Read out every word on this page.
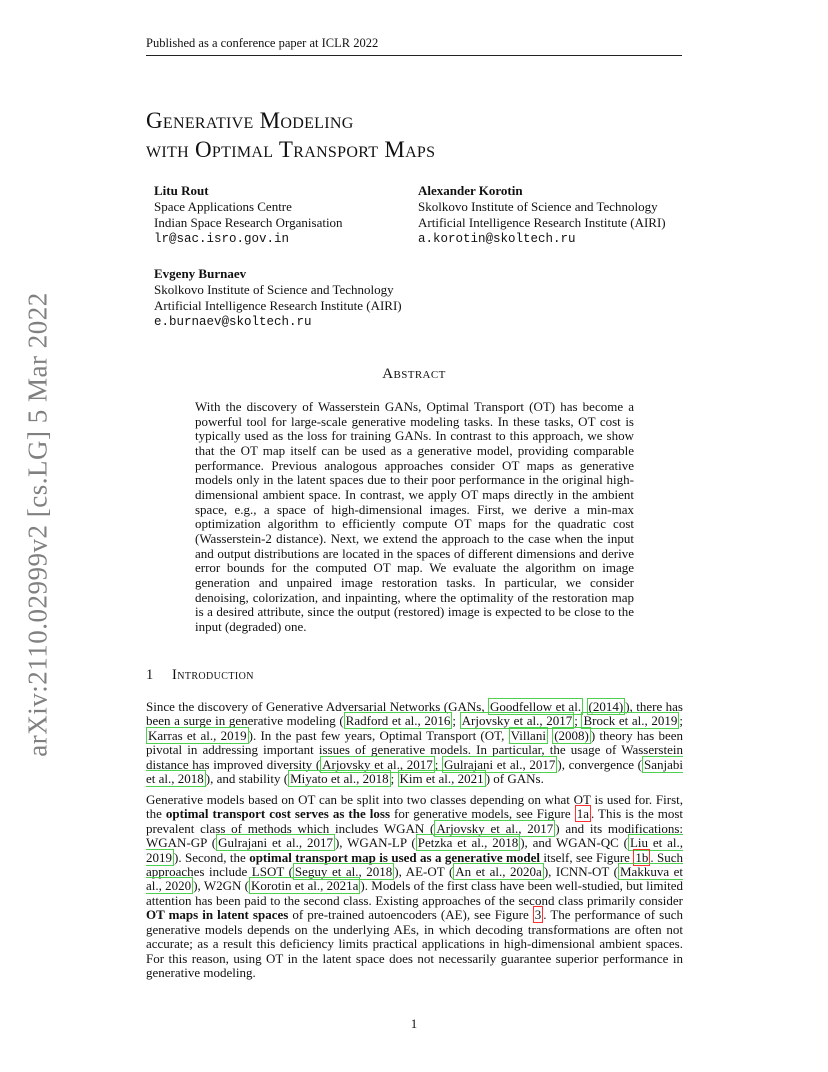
Published as a conference paper at ICLR 2022
arXiv:2110.02999v2 [cs.LG] 5 Mar 2022
Generative Modeling
with Optimal Transport Maps
Litu Rout
Space Applications Centre
Indian Space Research Organisation
lr@sac.isro.gov.in
Alexander Korotin
Skolkovo Institute of Science and Technology
Artificial Intelligence Research Institute (AIRI)
a.korotin@skoltech.ru
Evgeny Burnaev
Skolkovo Institute of Science and Technology
Artificial Intelligence Research Institute (AIRI)
e.burnaev@skoltech.ru
Abstract
With the discovery of Wasserstein GANs, Optimal Transport (OT) has become a powerful tool for large-scale generative modeling tasks. In these tasks, OT cost is typically used as the loss for training GANs. In contrast to this approach, we show that the OT map itself can be used as a generative model, providing comparable performance. Previous analogous approaches consider OT maps as generative models only in the latent spaces due to their poor performance in the original high-dimensional ambient space. In contrast, we apply OT maps directly in the ambient space, e.g., a space of high-dimensional images. First, we derive a min-max optimization algorithm to efficiently compute OT maps for the quadratic cost (Wasserstein-2 distance). Next, we extend the approach to the case when the input and output distributions are located in the spaces of different dimensions and derive error bounds for the computed OT map. We evaluate the algorithm on image generation and unpaired image restoration tasks. In particular, we consider denoising, colorization, and inpainting, where the optimality of the restoration map is a desired attribute, since the output (restored) image is expected to be close to the input (degraded) one.
1 Introduction

Since the discovery of Generative Adversarial Networks (GANs, Goodfellow et al. (2014) ), there has been a surge in generative modeling ( Radford et al., 2016 ; Arjovsky et al., 2017 ; Brock et al., 2019 ; Karras et al., 2019 ). In the past few years, Optimal Transport (OT, Villani (2008) ) theory has been pivotal in addressing important issues of generative models. In particular, the usage of Wasserstein distance has improved diversity ( Arjovsky et al., 2017 ; Gulrajani et al., 2017 ), convergence ( Sanjabi et al., 2018 ), and stability ( Miyato et al., 2018 ; Kim et al., 2021 ) of GANs.

Generative models based on OT can be split into two classes depending on what OT is used for. First, the optimal transport cost serves as the loss for generative models, see Figure 1a . This is the most prevalent class of methods which includes WGAN ( Arjovsky et al., 2017 ) and its modifications: WGAN-GP ( Gulrajani et al., 2017 ), WGAN-LP ( Petzka et al., 2018 ), and WGAN-QC ( Liu et al., 2019 ). Second, the optimal transport map is used as a generative model itself, see Figure 1b . Such approaches include LSOT ( Seguy et al., 2018 ), AE-OT ( An et al., 2020a ), ICNN-OT ( Makkuva et al., 2020 ), W2GN ( Korotin et al., 2021a ). Models of the first class have been well-studied, but limited attention has been paid to the second class. Existing approaches of the second class primarily consider OT maps in latent spaces of pre-trained autoencoders (AE), see Figure 3 . The performance of such generative models depends on the underlying AEs, in which decoding transformations are often not accurate; as a result this deficiency limits practical applications in high-dimensional ambient spaces. For this reason, using OT in the latent space does not necessarily guarantee superior performance in generative modeling.

1
